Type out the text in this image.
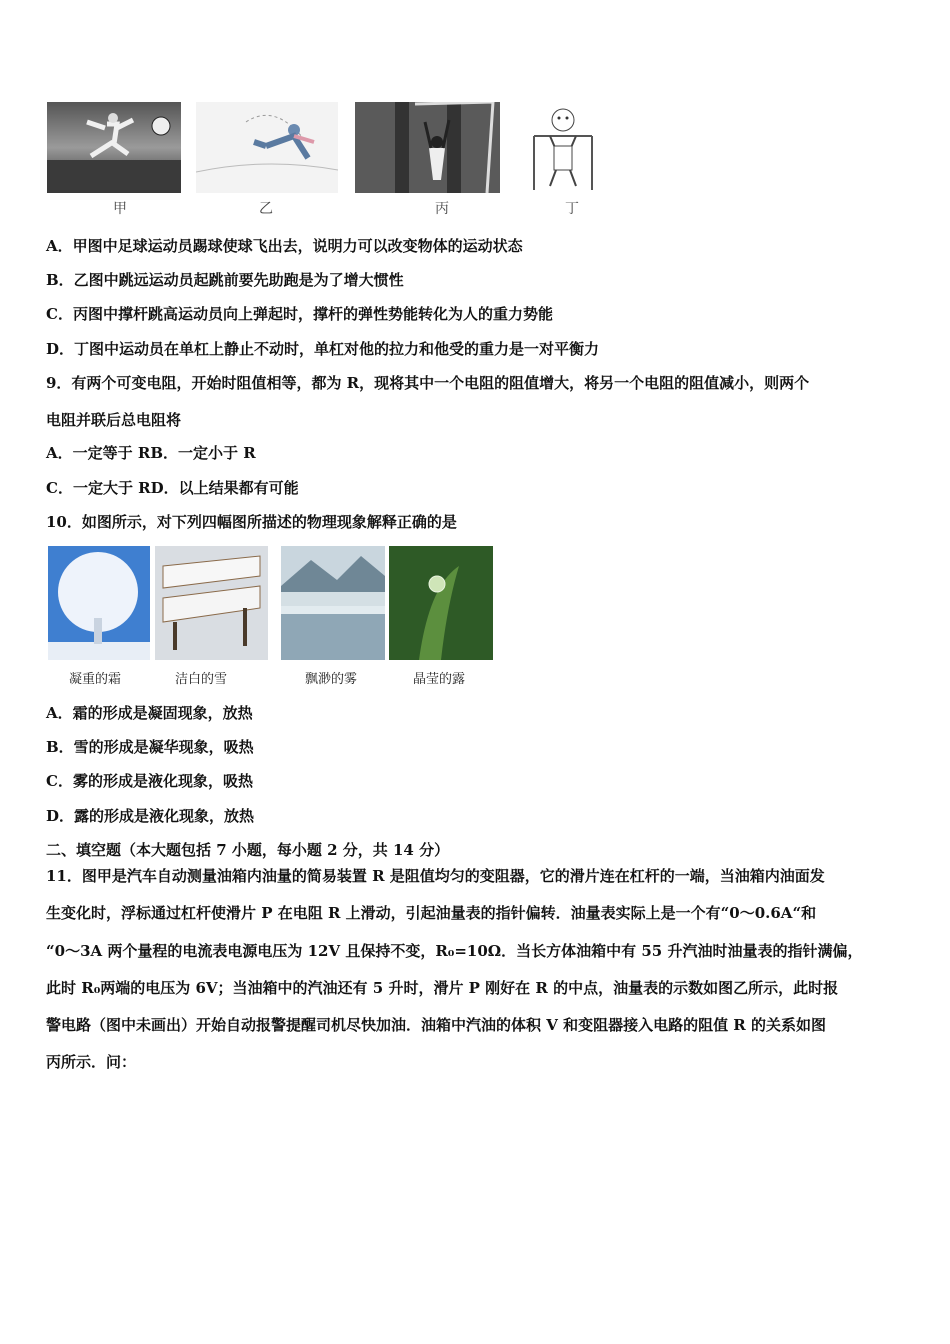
甲	乙	丙	丁
A．甲图中足球运动员踢球使球飞出去，说明力可以改变物体的运动状态
B．乙图中跳远运动员起跳前要先助跑是为了增大惯性
C．丙图中撑杆跳高运动员向上弹起时，撑杆的弹性势能转化为人的重力势能
D．丁图中运动员在单杠上静止不动时，单杠对他的拉力和他受的重力是一对平衡力
9．有两个可变电阻，开始时阻值相等，都为 R，现将其中一个电阻的阻值增大，将另一个电阻的阻值减小，则两个
电阻并联后总电阻将
A．一定等于 RB．一定小于 R
C．一定大于 RD．以上结果都有可能
10．如图所示，对下列四幅图所描述的物理现象解释正确的是
凝重的霜	洁白的雪	飘渺的雾	晶莹的露
A．霜的形成是凝固现象，放热
B．雪的形成是凝华现象，吸热
C．雾的形成是液化现象，吸热
D．露的形成是液化现象，放热
二、填空题（本大题包括 7 小题，每小题 2 分，共 14 分）
11．图甲是汽车自动测量油箱内油量的简易装置 R 是阻值均匀的变阻器，它的滑片连在杠杆的一端，当油箱内油面发
生变化时，浮标通过杠杆使滑片 P 在电阻 R 上滑动，引起油量表的指针偏转．油量表实际上是一个有“0～0.6A“和
“0～3A 两个量程的电流表电源电压为 12V 且保持不变，R₀=10Ω．当长方体油箱中有 55 升汽油时油量表的指针满偏，
此时 R₀两端的电压为 6V；当油箱中的汽油还有 5 升时，滑片 P 刚好在 R 的中点，油量表的示数如图乙所示，此时报
警电路（图中未画出）开始自动报警提醒司机尽快加油．油箱中汽油的体积 V 和变阻器接入电路的阻值 R 的关系如图
丙所示．问：
